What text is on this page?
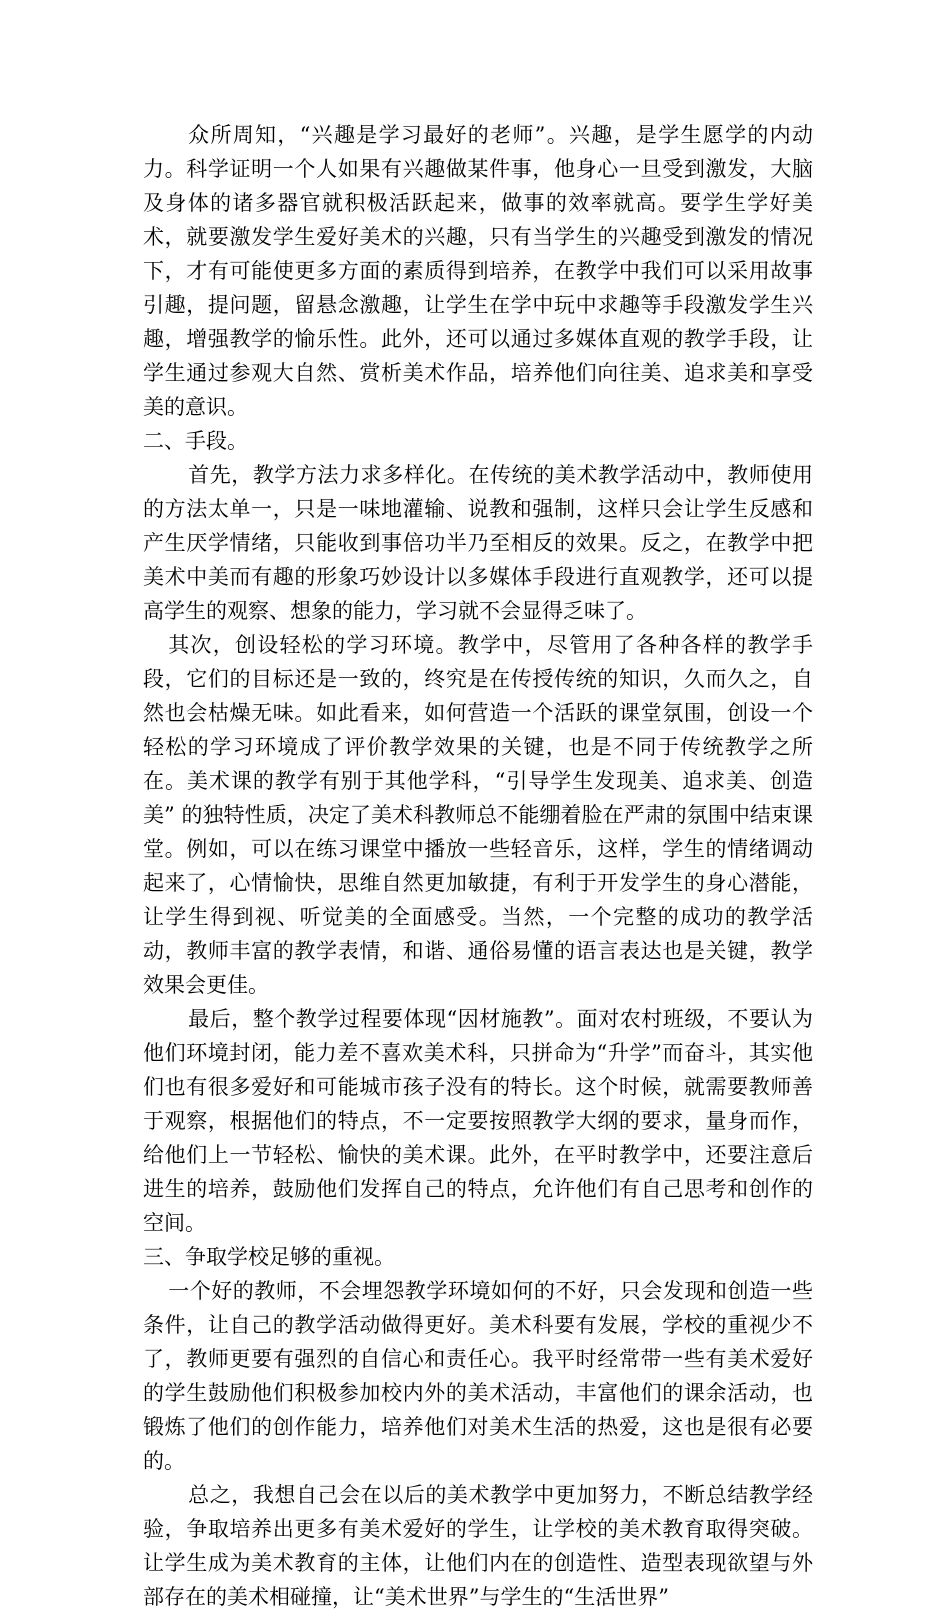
众所周知，“兴趣是学习最好的老师”。兴趣，是学生愿学的内动力。科学证明一个人如果有兴趣做某件事，他身心一旦受到激发，大脑及身体的诸多器官就积极活跃起来，做事的效率就高。要学生学好美术，就要激发学生爱好美术的兴趣，只有当学生的兴趣受到激发的情况下，才有可能使更多方面的素质得到培养，在教学中我们可以采用故事引趣，提问题，留悬念激趣，让学生在学中玩中求趣等手段激发学生兴趣，增强教学的愉乐性。此外，还可以通过多媒体直观的教学手段，让学生通过参观大自然、赏析美术作品，培养他们向往美、追求美和享受美的意识。

二、手段。

首先，教学方法力求多样化。在传统的美术教学活动中，教师使用的方法太单一，只是一味地灌输、说教和强制，这样只会让学生反感和产生厌学情绪，只能收到事倍功半乃至相反的效果。反之，在教学中把美术中美而有趣的形象巧妙设计以多媒体手段进行直观教学，还可以提高学生的观察、想象的能力，学习就不会显得乏味了。

其次，创设轻松的学习环境。教学中，尽管用了各种各样的教学手段，它们的目标还是一致的，终究是在传授传统的知识，久而久之，自然也会枯燥无味。如此看来，如何营造一个活跃的课堂氛围，创设一个轻松的学习环境成了评价教学效果的关键，也是不同于传统教学之所在。美术课的教学有别于其他学科，“引导学生发现美、追求美、创造美” 的独特性质，决定了美术科教师总不能绷着脸在严肃的氛围中结束课堂。例如，可以在练习课堂中播放一些轻音乐，这样，学生的情绪调动起来了，心情愉快，思维自然更加敏捷，有利于开发学生的身心潜能，让学生得到视、听觉美的全面感受。当然，一个完整的成功的教学活动，教师丰富的教学表情，和谐、通俗易懂的语言表达也是关键，教学效果会更佳。

最后，整个教学过程要体现“因材施教”。面对农村班级，不要认为他们环境封闭，能力差不喜欢美术科，只拼命为“升学”而奋斗，其实他们也有很多爱好和可能城市孩子没有的特长。这个时候，就需要教师善于观察，根据他们的特点，不一定要按照教学大纲的要求，量身而作，给他们上一节轻松、愉快的美术课。此外，在平时教学中，还要注意后进生的培养，鼓励他们发挥自己的特点，允许他们有自己思考和创作的空间。

三、争取学校足够的重视。

一个好的教师，不会埋怨教学环境如何的不好，只会发现和创造一些条件，让自己的教学活动做得更好。美术科要有发展，学校的重视少不了，教师更要有强烈的自信心和责任心。我平时经常带一些有美术爱好的学生鼓励他们积极参加校内外的美术活动，丰富他们的课余活动，也锻炼了他们的创作能力，培养他们对美术生活的热爱，这也是很有必要的。

总之，我想自己会在以后的美术教学中更加努力，不断总结教学经验，争取培养出更多有美术爱好的学生，让学校的美术教育取得突破。让学生成为美术教育的主体，让他们内在的创造性、造型表现欲望与外部存在的美术相碰撞，让“美术世界”与学生的“生活世界”
